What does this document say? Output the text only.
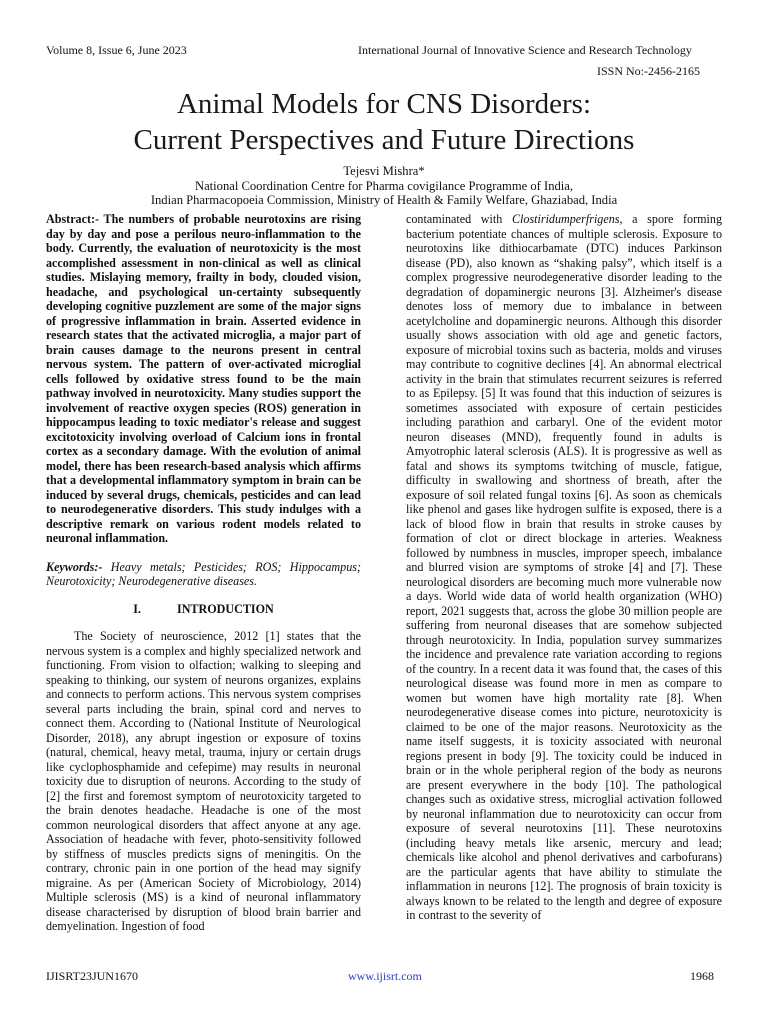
Volume 8, Issue 6, June 2023	International Journal of Innovative Science and Research Technology
ISSN No:-2456-2165
Animal Models for CNS Disorders:
Current Perspectives and Future Directions
Tejesvi Mishra*
National Coordination Centre for Pharma covigilance Programme of India,
Indian Pharmacopoeia Commission, Ministry of Health & Family Welfare, Ghaziabad, India

Abstract:- The numbers of probable neurotoxins are rising day by day and pose a perilous neuro-inflammation to the body. Currently, the evaluation of neurotoxicity is the most accomplished assessment in non-clinical as well as clinical studies. Mislaying memory, frailty in body, clouded vision, headache, and psychological un-certainty subsequently developing cognitive puzzlement are some of the major signs of progressive inflammation in brain. Asserted evidence in research states that the activated microglia, a major part of brain causes damage to the neurons present in central nervous system. The pattern of over-activated microglial cells followed by oxidative stress found to be the main pathway involved in neurotoxicity. Many studies support the involvement of reactive oxygen species (ROS) generation in hippocampus leading to toxic mediator's release and suggest excitotoxicity involving overload of Calcium ions in frontal cortex as a secondary damage. With the evolution of animal model, there has been research-based analysis which affirms that a developmental inflammatory symptom in brain can be induced by several drugs, chemicals, pesticides and can lead to neurodegenerative disorders. This study indulges with a descriptive remark on various rodent models related to neuronal inflammation.

Keywords:- Heavy metals; Pesticides; ROS; Hippocampus; Neurotoxicity; Neurodegenerative diseases.

I.	INTRODUCTION

The Society of neuroscience, 2012 [1] states that the nervous system is a complex and highly specialized network and functioning. From vision to olfaction; walking to sleeping and speaking to thinking, our system of neurons organizes, explains and connects to perform actions. This nervous system comprises several parts including the brain, spinal cord and nerves to connect them. According to (National Institute of Neurological Disorder, 2018), any abrupt ingestion or exposure of toxins (natural, chemical, heavy metal, trauma, injury or certain drugs like cyclophosphamide and cefepime) may results in neuronal toxicity due to disruption of neurons. According to the study of [2] the first and foremost symptom of neurotoxicity targeted to the brain denotes headache. Headache is one of the most common neurological disorders that affect anyone at any age. Association of headache with fever, photo-sensitivity followed by stiffness of muscles predicts signs of meningitis. On the contrary, chronic pain in one portion of the head may signify migraine. As per (American Society of Microbiology, 2014) Multiple sclerosis (MS) is a kind of neuronal inflammatory disease characterised by disruption of blood brain barrier and demyelination. Ingestion of food

contaminated with Clostiridumperfrigens, a spore forming bacterium potentiate chances of multiple sclerosis. Exposure to neurotoxins like dithiocarbamate (DTC) induces Parkinson disease (PD), also known as “shaking palsy”, which itself is a complex progressive neurodegenerative disorder leading to the degradation of dopaminergic neurons [3]. Alzheimer's disease denotes loss of memory due to imbalance in between acetylcholine and dopaminergic neurons. Although this disorder usually shows association with old age and genetic factors, exposure of microbial toxins such as bacteria, molds and viruses may contribute to cognitive declines [4]. An abnormal electrical activity in the brain that stimulates recurrent seizures is referred to as Epilepsy. [5] It was found that this induction of seizures is sometimes associated with exposure of certain pesticides including parathion and carbaryl. One of the evident motor neuron diseases (MND), frequently found in adults is Amyotrophic lateral sclerosis (ALS). It is progressive as well as fatal and shows its symptoms twitching of muscle, fatigue, difficulty in swallowing and shortness of breath, after the exposure of soil related fungal toxins [6]. As soon as chemicals like phenol and gases like hydrogen sulfite is exposed, there is a lack of blood flow in brain that results in stroke causes by formation of clot or direct blockage in arteries. Weakness followed by numbness in muscles, improper speech, imbalance and blurred vision are symptoms of stroke [4] and [7]. These neurological disorders are becoming much more vulnerable now a days. World wide data of world health organization (WHO) report, 2021 suggests that, across the globe 30 million people are suffering from neuronal diseases that are somehow subjected through neurotoxicity. In India, population survey summarizes the incidence and prevalence rate variation according to regions of the country. In a recent data it was found that, the cases of this neurological disease was found more in men as compare to women but women have high mortality rate [8]. When neurodegenerative disease comes into picture, neurotoxicity is claimed to be one of the major reasons. Neurotoxicity as the name itself suggests, it is toxicity associated with neuronal regions present in body [9]. The toxicity could be induced in brain or in the whole peripheral region of the body as neurons are present everywhere in the body [10]. The pathological changes such as oxidative stress, microglial activation followed by neuronal inflammation due to neurotoxicity can occur from exposure of several neurotoxins [11]. These neurotoxins (including heavy metals like arsenic, mercury and lead; chemicals like alcohol and phenol derivatives and carbofurans) are the particular agents that have ability to stimulate the inflammation in neurons [12]. The prognosis of brain toxicity is always known to be related to the length and degree of exposure in contrast to the severity of

IJISRT23JUN1670	www.ijisrt.com	1968
